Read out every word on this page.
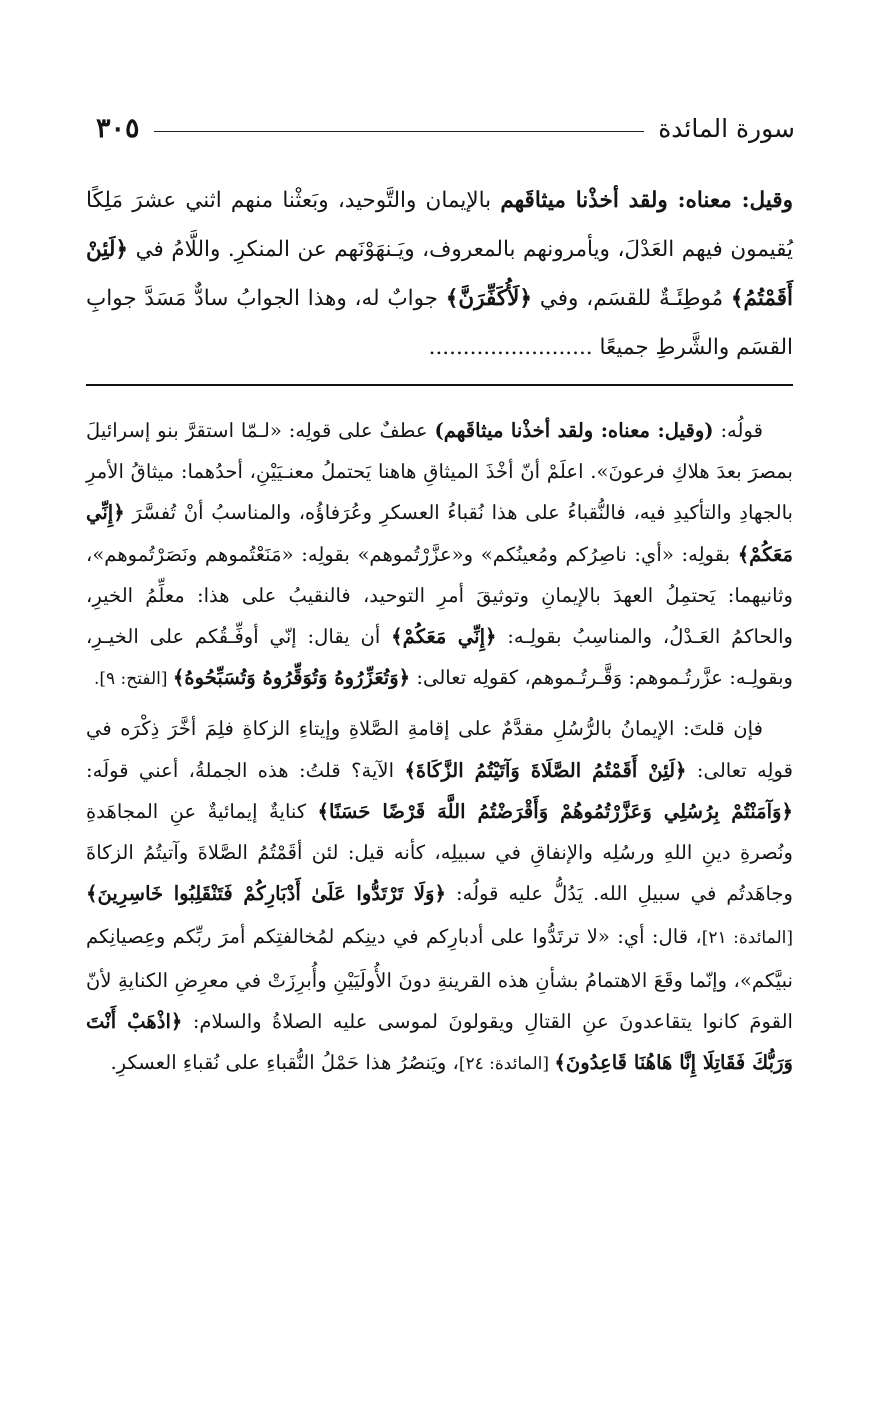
سورة المائدة
٣٠٥

وقيل: معناه: ولقد أخذْنا ميثاقَهم بالإيمان والتَّوحيد، وبَعثْنا منهم اثني عشرَ مَلِكًا يُقيمون فيهم العَدْلَ، ويأمرونهم بالمعروف، ويَـنهَوْنَهم عن المنكرِ. واللَّامُ في ﴿لَئِنْ أَقَمْتُمُ﴾ مُوطِئَـةٌ للقسَم، وفي ﴿لَأُكَفِّرَنَّ﴾ جوابٌ له، وهذا الجوابُ سادٌّ مَسَدَّ جوابِ القسَم والشَّرطِ جميعًا ........................

قولُه: (وقيل: معناه: ولقد أخذْنا ميثاقَهم) عطفٌ على قولِه: «لـمّا استقرَّ بنو إسرائيلَ بمصرَ بعدَ هلاكِ فرعونَ». اعلَمْ أنّ أخْذَ الميثاقِ هاهنا يَحتملُ معنـيَيْنِ، أحدُهما: ميثاقُ الأمرِ بالجهادِ والتأكيدِ فيه، فالنُّقباءُ على هذا نُقباءُ العسكرِ وعُرَفاؤُه، والمناسبُ أنْ تُفسَّرَ ﴿إِنِّي مَعَكُمْ﴾ بقولِه: «أي: ناصِرُكم ومُعينُكم» و«عزَّرْتُموهم» بقولِه: «مَنَعْتُموهم ونَصَرْتُموهم»، وثانيهما: يَحتمِلُ العهدَ بالإيمانِ وتوثيقَ أمرِ التوحيد، فالنقيبُ على هذا: معلِّمُ الخيرِ، والحاكمُ العَـدْلُ، والمناسِبُ بقولِـه: ﴿إِنِّي مَعَكُمْ﴾ أن يقال: إنّي أوفِّـقُكم على الخيـرِ، وبقولِـه: عزَّرتُـموهم: وَقَّـرتُـموهم، كقولِه تعالى: ﴿وَتُعَزِّرُوهُ وَتُوَقِّرُوهُ وَتُسَبِّحُوهُ﴾ [الفتح: ٩].

فإن قلتَ: الإيمانُ بالرُّسُلِ مقدَّمٌ على إقامةِ الصَّلاةِ وإيتاءِ الزكاةِ فلِمَ أخَّرَ ذِكْرَه في قولِه تعالى: ﴿لَئِنْ أَقَمْتُمُ الصَّلَاةَ وَآتَيْتُمُ الزَّكَاةَ﴾ الآية؟ قلتُ: هذه الجملةُ، أعني قولَه: ﴿وَآمَنْتُمْ بِرُسُلِي وَعَزَّرْتُمُوهُمْ وَأَقْرَضْتُمُ اللَّهَ قَرْضًا حَسَنًا﴾ كنايةٌ إيمائيةٌ عنِ المجاهَدةِ ونُصرةِ دينِ اللهِ ورسُلِه والإنفاقِ في سبيلِه، كأنه قيل: لئن أقَمْتُمُ الصَّلاةَ وآتيتُمُ الزكاةَ وجاهَدتُم في سبيلِ الله. يَدُلُّ عليه قولُه: ﴿وَلَا تَرْتَدُّوا عَلَىٰ أَدْبَارِكُمْ فَتَنْقَلِبُوا خَاسِرِينَ﴾ [المائدة: ٢١]، قال: أي: «لا ترتَدُّوا على أدبارِكم في دينِكم لمُخالفتِكم أمرَ ربِّكم وعِصيانِكم نبيَّكم»، وإنّما وقَعَ الاهتمامُ بشأنِ هذه القرينةِ دونَ الأُولَيَيْنِ وأُبرِزَتْ في معرِضِ الكنايةِ لأنّ القومَ كانوا يتقاعدونَ عنِ القتالِ ويقولونَ لموسى عليه الصلاةُ والسلام: ﴿اذْهَبْ أَنْتَ وَرَبُّكَ فَقَاتِلَا إِنَّا هَاهُنَا قَاعِدُونَ﴾ [المائدة: ٢٤]، ويَنصُرُ هذا حَمْلُ النُّقباءِ على نُقباءِ العسكرِ.
